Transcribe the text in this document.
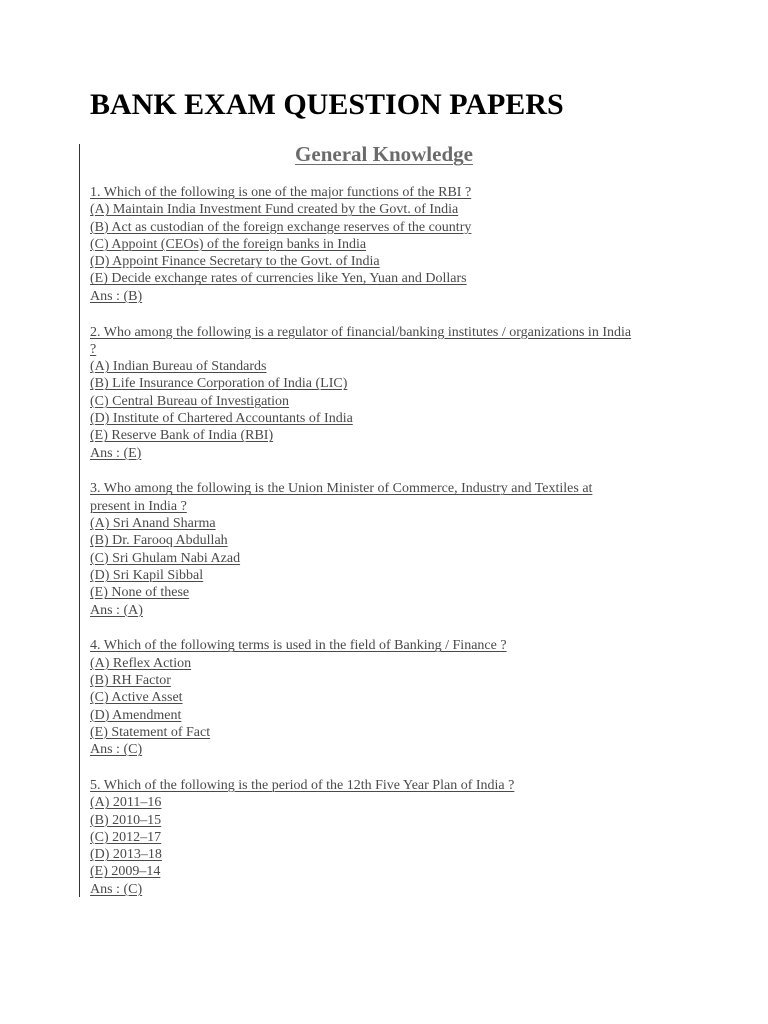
BANK EXAM QUESTION PAPERS
General Knowledge
1. Which of the following is one of the major functions of the RBI ?
(A) Maintain India Investment Fund created by the Govt. of India
(B) Act as custodian of the foreign exchange reserves of the country
(C) Appoint (CEOs) of the foreign banks in India
(D) Appoint Finance Secretary to the Govt. of India
(E) Decide exchange rates of currencies like Yen, Yuan and Dollars
Ans : (B)
2. Who among the following is a regulator of financial/banking institutes / organizations in India
?
(A) Indian Bureau of Standards
(B) Life Insurance Corporation of India (LIC)
(C) Central Bureau of Investigation
(D) Institute of Chartered Accountants of India
(E) Reserve Bank of India (RBI)
Ans : (E)
3. Who among the following is the Union Minister of Commerce, Industry and Textiles at
present in India ?
(A) Sri Anand Sharma
(B) Dr. Farooq Abdullah
(C) Sri Ghulam Nabi Azad
(D) Sri Kapil Sibbal
(E) None of these
Ans : (A)
4. Which of the following terms is used in the field of Banking / Finance ?
(A) Reflex Action
(B) RH Factor
(C) Active Asset
(D) Amendment
(E) Statement of Fact
Ans : (C)
5. Which of the following is the period of the 12th Five Year Plan of India ?
(A) 2011–16
(B) 2010–15
(C) 2012–17
(D) 2013–18
(E) 2009–14
Ans : (C)
